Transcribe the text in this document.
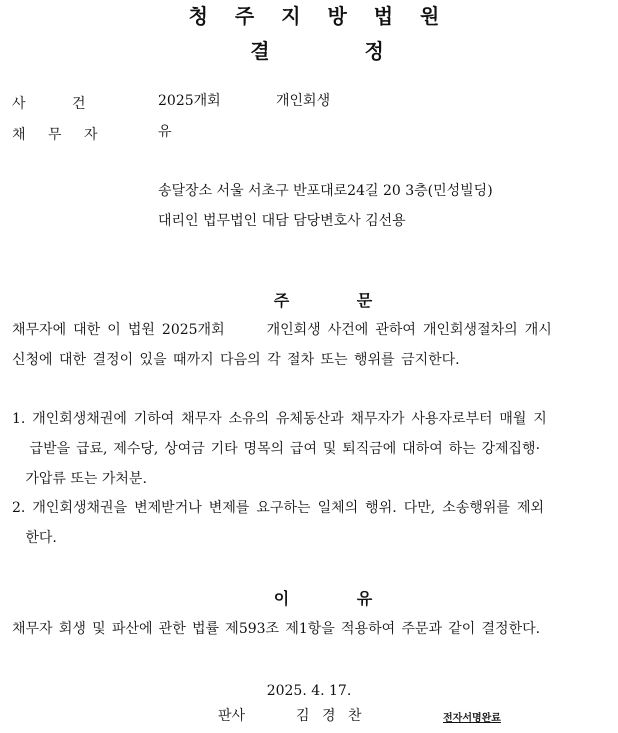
청 주 지 방 법 원
결 정
사 건	2025개회	개인회생
채 무 자	유
송달장소 서울 서초구 반포대로24길 20 3층(민성빌딩)
대리인 법무법인 대담 담당변호사 김선용
주 문
채무자에 대한 이 법원 2025개회　　　개인회생 사건에 관하여 개인회생절차의 개시
신청에 대한 결정이 있을 때까지 다음의 각 절차 또는 행위를 금지한다.
1. 개인회생채권에 기하여 채무자 소유의 유체동산과 채무자가 사용자로부터 매월 지
급받을 급료, 제수당, 상여금 기타 명목의 급여 및 퇴직금에 대하여 하는 강제집행·
가압류 또는 가처분.
2. 개인회생채권을 변제받거나 변제를 요구하는 일체의 행위. 다만, 소송행위를 제외
한다.
이 유
채무자 회생 및 파산에 관한 법률 제593조 제1항을 적용하여 주문과 같이 결정한다.
2025. 4. 17.
판사	김 경 찬	전자서명완료
